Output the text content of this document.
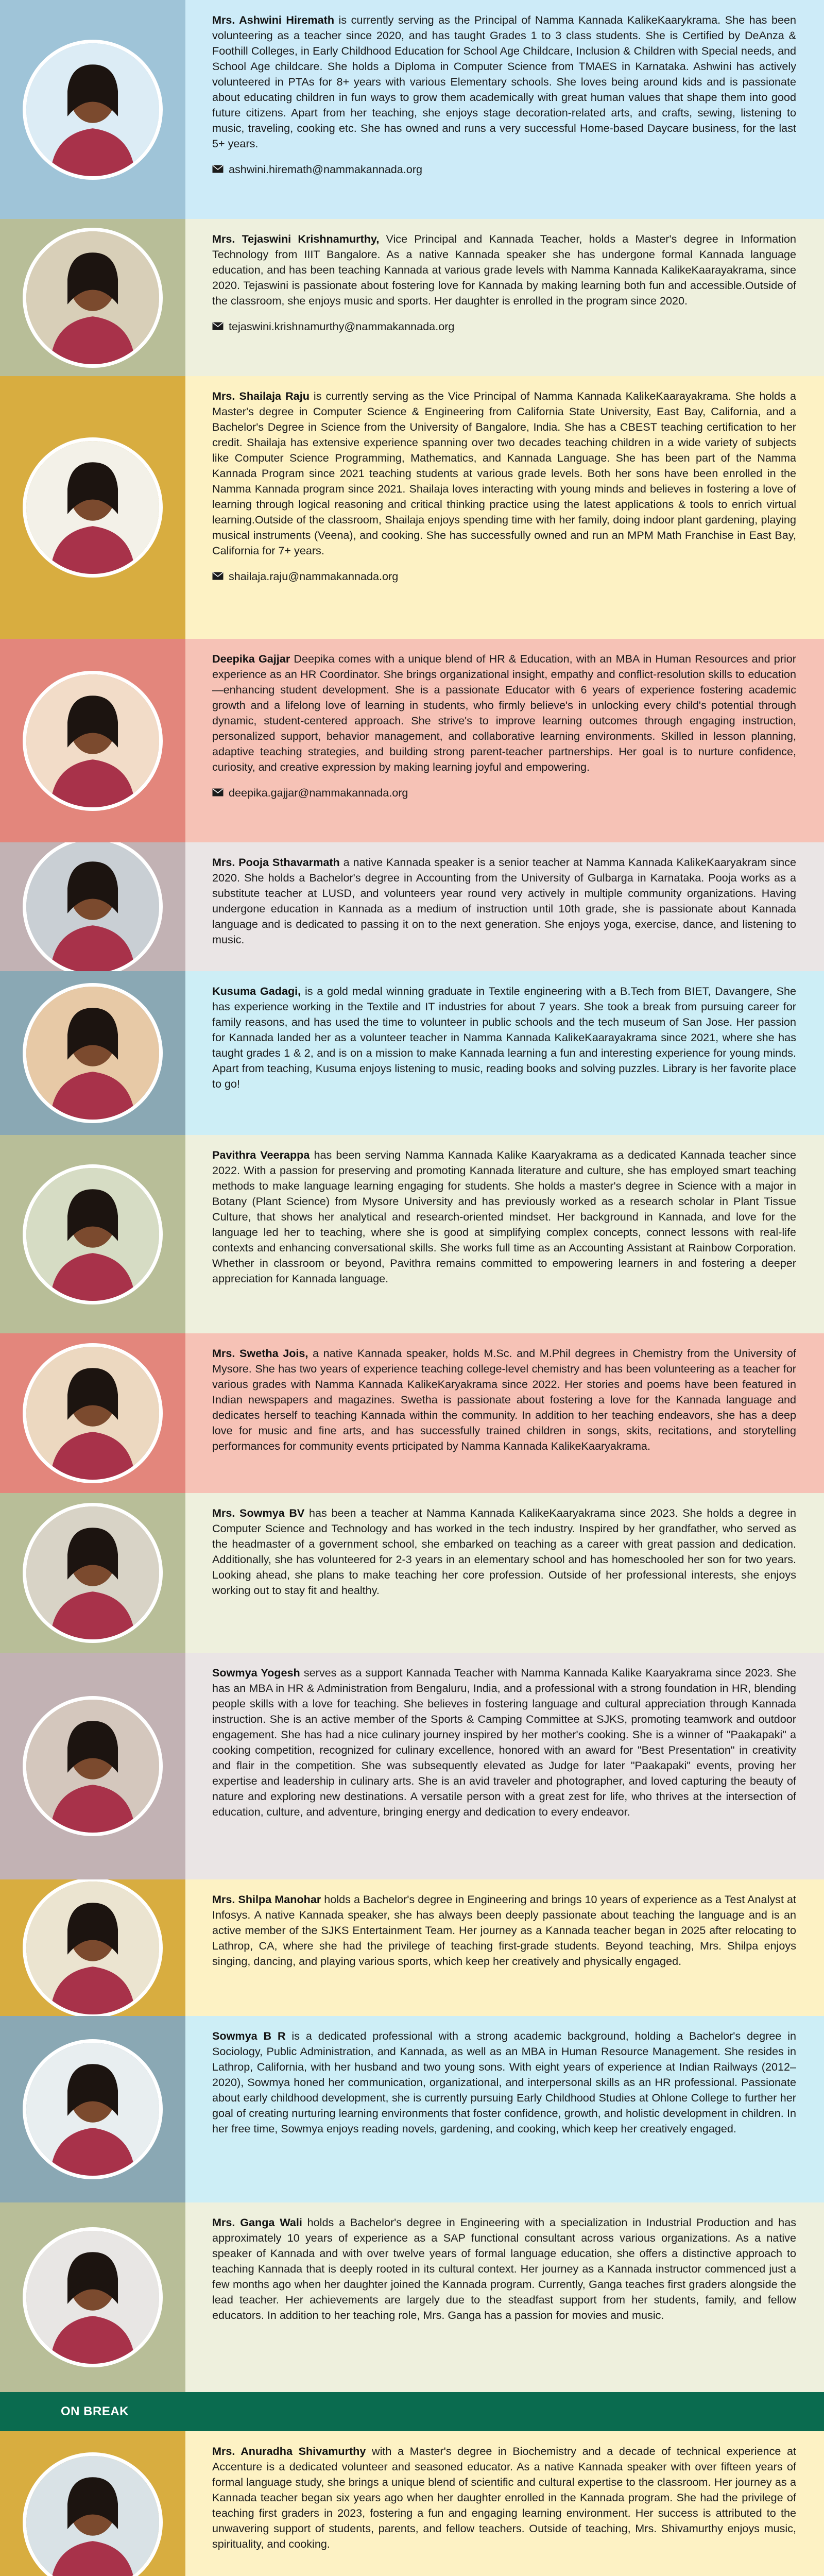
Mrs. Ashwini Hiremath is currently serving as the Principal of Namma Kannada KalikeKaarykrama. She has been volunteering as a teacher since 2020, and has taught Grades 1 to 3 class students. She is Certified by DeAnza & Foothill Colleges, in Early Childhood Education for School Age Childcare, Inclusion & Children with Special needs, and School Age childcare. She holds a Diploma in Computer Science from TMAES in Karnataka. Ashwini has actively volunteered in PTAs for 8+ years with various Elementary schools. She loves being around kids and is passionate about educating children in fun ways to grow them academically with great human values that shape them into good future citizens. Apart from her teaching, she enjoys stage decoration-related arts, and crafts, sewing, listening to music, traveling, cooking etc. She has owned and runs a very successful Home-based Daycare business, for the last 5+ years.

ashwini.hiremath@nammakannada.org

Mrs. Tejaswini Krishnamurthy, Vice Principal and Kannada Teacher, holds a Master's degree in Information Technology from IIIT Bangalore. As a native Kannada speaker she has undergone formal Kannada language education, and has been teaching Kannada at various grade levels with Namma Kannada KalikeKaarayakrama, since 2020. Tejaswini is passionate about fostering love for Kannada by making learning both fun and accessible.Outside of the classroom, she enjoys music and sports. Her daughter is enrolled in the program since 2020.

tejaswini.krishnamurthy@nammakannada.org

Mrs. Shailaja Raju is currently serving as the Vice Principal of Namma Kannada KalikeKaarayakrama. She holds a Master's degree in Computer Science & Engineering from California State University, East Bay, California, and a Bachelor's Degree in Science from the University of Bangalore, India. She has a CBEST teaching certification to her credit. Shailaja has extensive experience spanning over two decades teaching children in a wide variety of subjects like Computer Science Programming, Mathematics, and Kannada Language. She has been part of the Namma Kannada Program since 2021 teaching students at various grade levels. Both her sons have been enrolled in the Namma Kannada program since 2021. Shailaja loves interacting with young minds and believes in fostering a love of learning through logical reasoning and critical thinking practice using the latest applications & tools to enrich virtual learning.Outside of the classroom, Shailaja enjoys spending time with her family, doing indoor plant gardening, playing musical instruments (Veena), and cooking. She has successfully owned and run an MPM Math Franchise in East Bay, California for 7+ years.

shailaja.raju@nammakannada.org

Deepika Gajjar Deepika comes with a unique blend of HR & Education, with an MBA in Human Resources and prior experience as an HR Coordinator. She brings organizational insight, empathy and conflict-resolution skills to education—enhancing student development. She is a passionate Educator with 6 years of experience fostering academic growth and a lifelong love of learning in students, who firmly believe's in unlocking every child's potential through dynamic, student-centered approach. She strive's to improve learning outcomes through engaging instruction, personalized support, behavior management, and collaborative learning environments. Skilled in lesson planning, adaptive teaching strategies, and building strong parent-teacher partnerships. Her goal is to nurture confidence, curiosity, and creative expression by making learning joyful and empowering.

deepika.gajjar@nammakannada.org

Mrs. Pooja Sthavarmath a native Kannada speaker is a senior teacher at Namma Kannada KalikeKaaryakram since 2020. She holds a Bachelor's degree in Accounting from the University of Gulbarga in Karnataka. Pooja works as a substitute teacher at LUSD, and volunteers year round very actively in multiple community organizations. Having undergone education in Kannada as a medium of instruction until 10th grade, she is passionate about Kannada language and is dedicated to passing it on to the next generation. She enjoys yoga, exercise, dance, and listening to music.

Kusuma Gadagi, is a gold medal winning graduate in Textile engineering with a B.Tech from BIET, Davangere, She has experience working in the Textile and IT industries for about 7 years. She took a break from pursuing career for family reasons, and has used the time to volunteer in public schools and the tech museum of San Jose. Her passion for Kannada landed her as a volunteer teacher in Namma Kannada KalikeKaarayakrama since 2021, where she has taught grades 1 & 2, and is on a mission to make Kannada learning a fun and interesting experience for young minds. Apart from teaching, Kusuma enjoys listening to music, reading books and solving puzzles. Library is her favorite place to go!

Pavithra Veerappa has been serving Namma Kannada Kalike Kaaryakrama as a dedicated Kannada teacher since 2022. With a passion for preserving and promoting Kannada literature and culture, she has employed smart teaching methods to make language learning engaging for students. She holds a master's degree in Science with a major in Botany (Plant Science) from Mysore University and has previously worked as a research scholar in Plant Tissue Culture, that shows her analytical and research-oriented mindset. Her background in Kannada, and love for the language led her to teaching, where she is good at simplifying complex concepts, connect lessons with real-life contexts and enhancing conversational skills. She works full time as an Accounting Assistant at Rainbow Corporation. Whether in classroom or beyond, Pavithra remains committed to empowering learners in and fostering a deeper appreciation for Kannada language.

Mrs. Swetha Jois, a native Kannada speaker, holds M.Sc. and M.Phil degrees in Chemistry from the University of Mysore. She has two years of experience teaching college-level chemistry and has been volunteering as a teacher for various grades with Namma Kannada KalikeKaryakrama since 2022. Her stories and poems have been featured in Indian newspapers and magazines. Swetha is passionate about fostering a love for the Kannada language and dedicates herself to teaching Kannada within the community. In addition to her teaching endeavors, she has a deep love for music and fine arts, and has successfully trained children in songs, skits, recitations, and storytelling performances for community events prticipated by Namma Kannada KalikeKaaryakrama.

Mrs. Sowmya BV has been a teacher at Namma Kannada KalikeKaaryakrama since 2023. She holds a degree in Computer Science and Technology and has worked in the tech industry. Inspired by her grandfather, who served as the headmaster of a government school, she embarked on teaching as a career with great passion and dedication. Additionally, she has volunteered for 2-3 years in an elementary school and has homeschooled her son for two years. Looking ahead, she plans to make teaching her core profession. Outside of her professional interests, she enjoys working out to stay fit and healthy.

Sowmya Yogesh serves as a support Kannada Teacher with Namma Kannada Kalike Kaaryakrama since 2023. She has an MBA in HR & Administration from Bengaluru, India, and a professional with a strong foundation in HR, blending people skills with a love for teaching. She believes in fostering language and cultural appreciation through Kannada instruction. She is an active member of the Sports & Camping Committee at SJKS, promoting teamwork and outdoor engagement. She has had a nice culinary journey inspired by her mother's cooking. She is a winner of "Paakapaki" a cooking competition, recognized for culinary excellence, honored with an award for "Best Presentation" in creativity and flair in the competition. She was subsequently elevated as Judge for later "Paakapaki" events, proving her expertise and leadership in culinary arts. She is an avid traveler and photographer, and loved capturing the beauty of nature and exploring new destinations. A versatile person with a great zest for life, who thrives at the intersection of education, culture, and adventure, bringing energy and dedication to every endeavor.

Mrs. Shilpa Manohar holds a Bachelor's degree in Engineering and brings 10 years of experience as a Test Analyst at Infosys. A native Kannada speaker, she has always been deeply passionate about teaching the language and is an active member of the SJKS Entertainment Team. Her journey as a Kannada teacher began in 2025 after relocating to Lathrop, CA, where she had the privilege of teaching first-grade students. Beyond teaching, Mrs. Shilpa enjoys singing, dancing, and playing various sports, which keep her creatively and physically engaged.

Sowmya B R is a dedicated professional with a strong academic background, holding a Bachelor's degree in Sociology, Public Administration, and Kannada, as well as an MBA in Human Resource Management. She resides in Lathrop, California, with her husband and two young sons. With eight years of experience at Indian Railways (2012–2020), Sowmya honed her communication, organizational, and interpersonal skills as an HR professional. Passionate about early childhood development, she is currently pursuing Early Childhood Studies at Ohlone College to further her goal of creating nurturing learning environments that foster confidence, growth, and holistic development in children. In her free time, Sowmya enjoys reading novels, gardening, and cooking, which keep her creatively engaged.

Mrs. Ganga Wali holds a Bachelor's degree in Engineering with a specialization in Industrial Production and has approximately 10 years of experience as a SAP functional consultant across various organizations. As a native speaker of Kannada and with over twelve years of formal language education, she offers a distinctive approach to teaching Kannada that is deeply rooted in its cultural context. Her journey as a Kannada instructor commenced just a few months ago when her daughter joined the Kannada program. Currently, Ganga teaches first graders alongside the lead teacher. Her achievements are largely due to the steadfast support from her students, family, and fellow educators. In addition to her teaching role, Mrs. Ganga has a passion for movies and music.

ON BREAK

Mrs. Anuradha Shivamurthy with a Master's degree in Biochemistry and a decade of technical experience at Accenture is a dedicated volunteer and seasoned educator. As a native Kannada speaker with over fifteen years of formal language study, she brings a unique blend of scientific and cultural expertise to the classroom. Her journey as a Kannada teacher began six years ago when her daughter enrolled in the Kannada program. She had the privilege of teaching first graders in 2023, fostering a fun and engaging learning environment. Her success is attributed to the unwavering support of students, parents, and fellow teachers. Outside of teaching, Mrs. Shivamurthy enjoys music, spirituality, and cooking.
